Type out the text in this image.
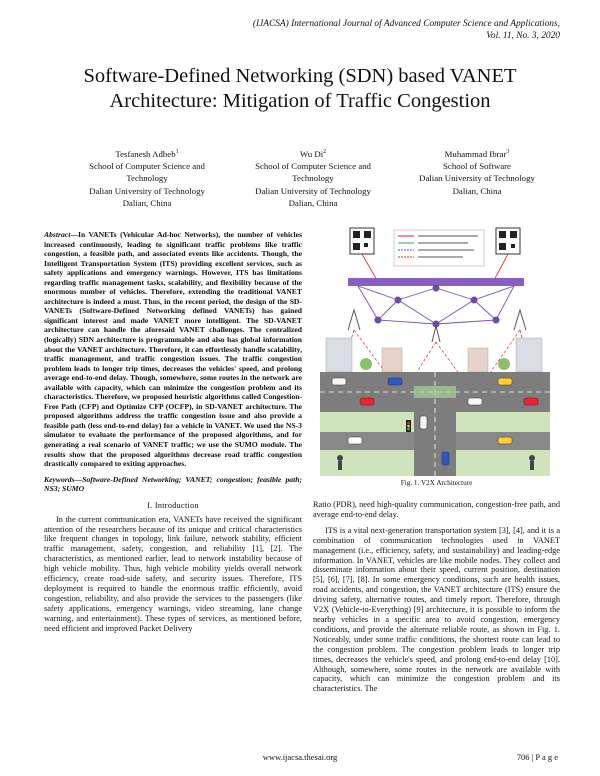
(IJACSA) International Journal of Advanced Computer Science and Applications,
Vol. 11, No. 3, 2020
Software-Defined Networking (SDN) based VANET
Architecture: Mitigation of Traffic Congestion
Tesfanesh Adbeb$^1$
School of Computer Science and
Technology
Dalian University of Technology
Dalian, China
Wu Di$^2$
School of Computer Science and
Technology
Dalian University of Technology
Dalian, China
Muhammad Ibrar$^3$
School of Software
Dalian University of Technology
Dalian, China

Abstract—In VANETs (Vehicular Ad-hoc Networks), the number of vehicles increased continuously, leading to significant traffic problems like traffic congestion, a feasible path, and associated events like accidents. Though, the Intelligent Transportation System (ITS) providing excellent services, such as safety applications and emergency warnings. However, ITS has limitations regarding traffic management tasks, scalability, and flexibility because of the enormous number of vehicles. Therefore, extending the traditional VANET architecture is indeed a must. Thus, in the recent period, the design of the SD-VANETs (Software-Defined Networking defined VANETs) has gained significant interest and made VANET more intelligent. The SD-VANET architecture can handle the aforesaid VANET challenges. The centralized (logically) SDN architecture is programmable and also has global information about the VANET architecture. Therefore, it can effortlessly handle scalability, traffic management, and traffic congestion issues. The traffic congestion problem leads to longer trip times, decreases the vehicles' speed, and prolong average end-to-end delay. Though, somewhere, some routes in the network are available with capacity, which can minimize the congestion problem and its characteristics. Therefore, we proposed heuristic algorithms called Congestion-Free Path (CFP) and Optimize CFP (OCFP), in SD-VANET architecture. The proposed algorithms address the traffic congestion issue and also provide a feasible path (less end-to-end delay) for a vehicle in VANET. We used the NS-3 simulator to evaluate the performance of the proposed algorithms, and for generating a real scenario of VANET traffic; we use the SUMO module. The results show that the proposed algorithms decrease road traffic congestion drastically compared to exiting approaches.

Keywords—Software-Defined Networking; VANET; congestion; feasible path; NS3; SUMO

I. Introduction

In the current communication era, VANETs have received the significant attention of the researchers because of its unique and critical characteristics like frequent changes in topology, link failure, network stability, efficient traffic management, safety, congestion, and reliability [1], [2]. The characteristics, as mentioned earlier, lead to network instability because of high vehicle mobility. Thus, high vehicle mobility yields overall network efficiency, create road-side safety, and security issues. Therefore, ITS deployment is required to handle the enormous traffic efficiently, avoid congestion, reliability, and also provide the services to the passengers (like safety applications, emergency warnings, video streaming, lane change warning, and entertainment). These types of services, as mentioned before, need efficient and improved Packet Delivery

Fig. 1. V2X Architecture

Ratio (PDR), need high-quality communication, congestion-free path, and average end-to-end delay.

ITS is a vital next-generation transportation system [3], [4], and it is a combination of communication technologies used in VANET management (i.e., efficiency, safety, and sustainability) and leading-edge information. In VANET, vehicles are like mobile nodes. They collect and disseminate information about their speed, current position, destination [5], [6], [7], [8]. In some emergency conditions, such are health issues, road accidents, and congestion, the VANET architecture (ITS) ensure the driving safety, alternative routes, and timely report. Therefore, through V2X (Vehicle-to-Everything) [9] architecture, it is possible to inform the nearby vehicles in a specific area to avoid congestion, emergency conditions, and provide the alternate reliable route, as shown in Fig. 1. Noticeably, under some traffic conditions, the shortest route can lead to the congestion problem. The congestion problem leads to longer trip times, decreases the vehicle's speed, and prolong end-to-end delay [10]. Although, somewhere, some routes in the network are available with capacity, which can minimize the congestion problem and its characteristics. The

www.ijacsa.thesai.org	706 | P a g e
